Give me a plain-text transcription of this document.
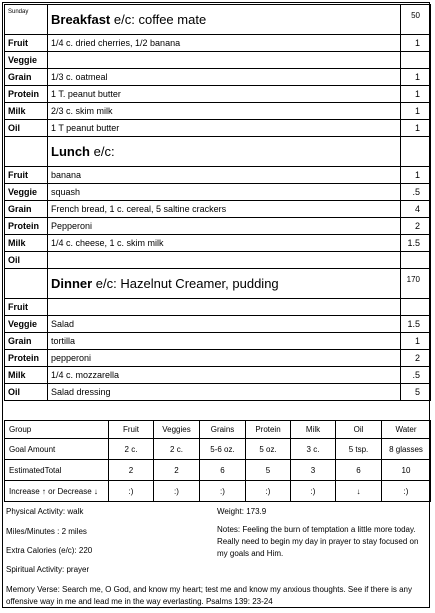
Sunday	Breakfast e/c: coffee mate	50
Fruit	1/4 c. dried cherries, 1/2 banana	1
Veggie		
Grain	1/3 c. oatmeal	1
Protein	1 T. peanut butter	1
Milk	2/3 c. skim milk	1
Oil	1 T peanut butter	1
	Lunch e/c:	
Fruit	banana	1
Veggie	squash	.5
Grain	French bread, 1 c. cereal, 5 saltine crackers	4
Protein	Pepperoni	2
Milk	1/4 c. cheese, 1 c. skim milk	1.5
Oil		
	Dinner e/c: Hazelnut Creamer, pudding	170
Fruit		
Veggie	Salad	1.5
Grain	tortilla	1
Protein	pepperoni	2
Milk	1/4 c. mozzarella	.5
Oil	Salad dressing	5
Group	Fruit	Veggies	Grains	Protein	Milk	Oil	Water
Goal Amount	2 c.	2 c.	5-6 oz.	5 oz.	3 c.	5 tsp.	8 glasses
EstimatedTotal	2	2	6	5	3	6	10
Increase ↑ or Decrease ↓	:)	:)	:)	:)	:)	↓	:)
Physical Activity: walk
Miles/Minutes : 2 miles
Extra Calories (e/c): 220
Spiritual Activity: prayer
Weight: 173.9
Notes: Feeling the burn of temptation a little more today. Really need to begin my day in prayer to stay focused on my goals and Him.
Memory Verse: Search me, O God, and know my heart; test me and know my anxious thoughts. See if there is any offensive way in me and lead me in the way everlasting. Psalms 139: 23-24
